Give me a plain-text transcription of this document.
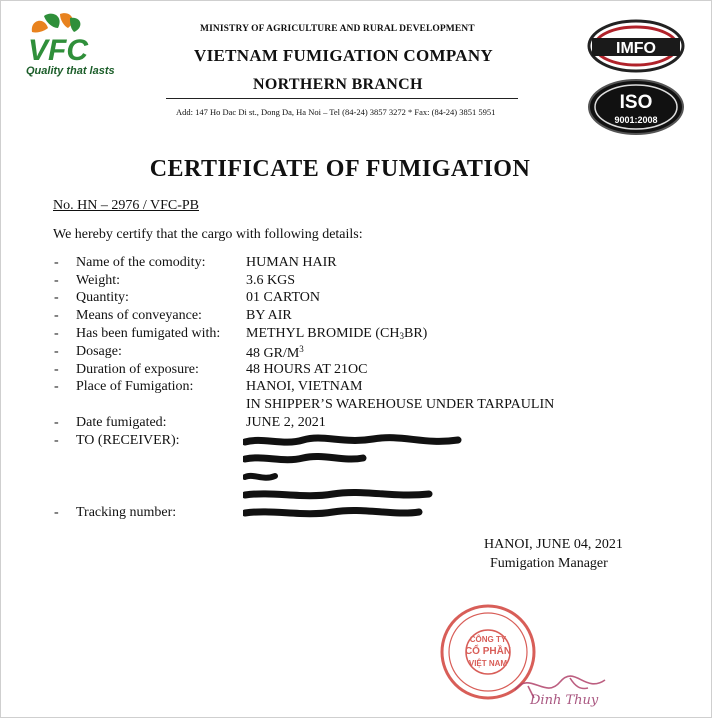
VFC
Quality that lasts
MINISTRY OF AGRICULTURE AND RURAL DEVELOPMENT
VIETNAM FUMIGATION COMPANY
NORTHERN BRANCH
Add: 147 Ho Dac Di st., Dong Da, Ha Noi – Tel (84-24) 3857 3272 * Fax: (84-24) 3851 5951
IMFO
ISO
9001:2008
CERTIFICATE OF FUMIGATION
No. HN – 2976 / VFC-PB
We hereby certify that the cargo with following details:
- Name of the comodity:	HUMAN HAIR
- Weight:	3.6 KGS
- Quantity:	01 CARTON
- Means of conveyance:	BY AIR
- Has been fumigated with: METHYL BROMIDE $(CH_3BR)$
- Dosage:	48 $GR/M^3$
- Duration of exposure:	48 HOURS AT 21OC
- Place of Fumigation:	HANOI, VIETNAM
IN SHIPPER’S WAREHOUSE UNDER TARPAULIN
- Date fumigated:	JUNE 2, 2021
- TO (RECEIVER):
- Tracking number:
HANOI, JUNE 04, 2021
Fumigation Manager
CÔNG TY
CỔ PHẦN
VIỆT NAM
Dinh Thuy
